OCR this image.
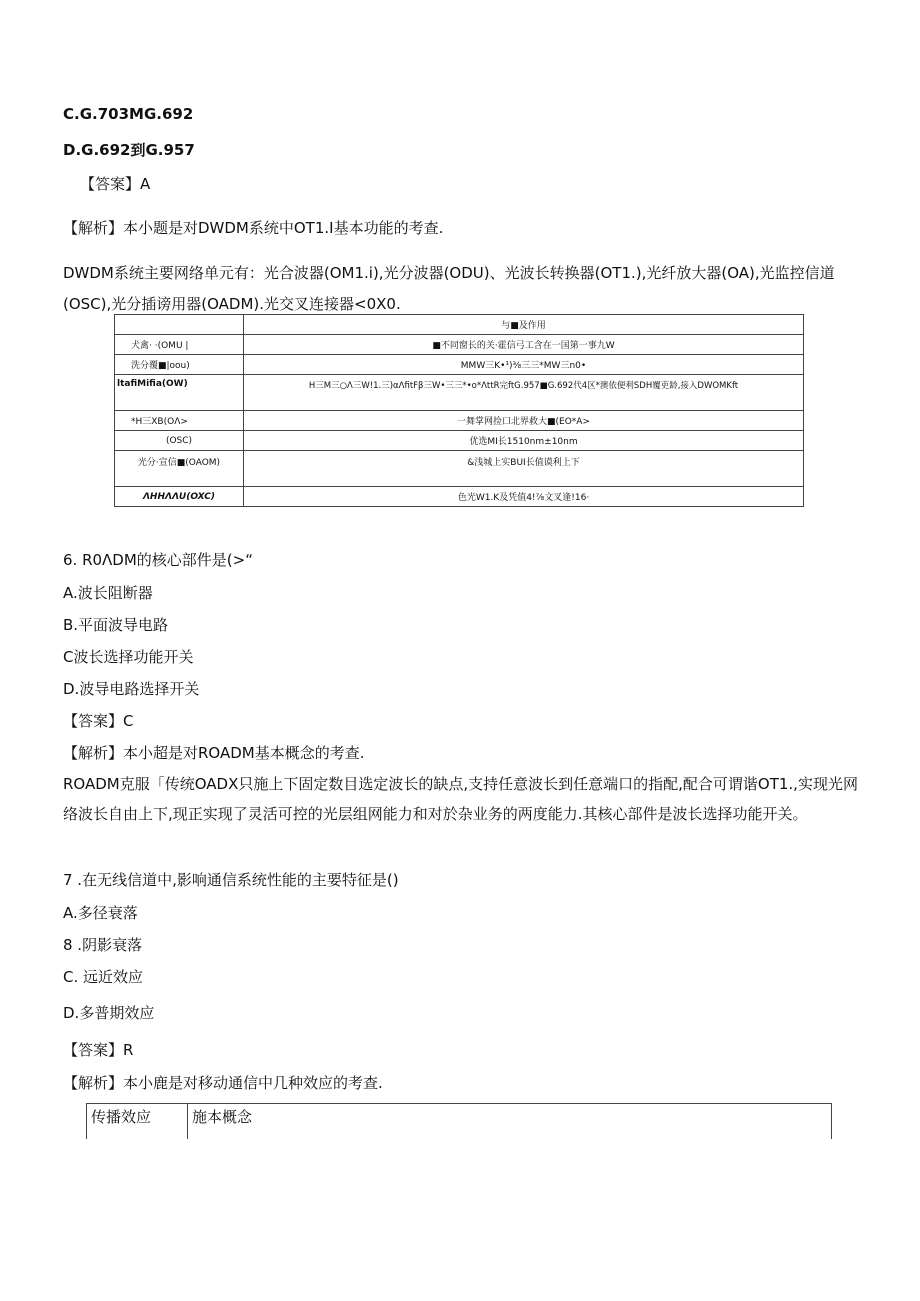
C.G.703MG.692

D.G.692到G.957

【答案】A

【解析】本小题是对DWDM系统中OT1.I基本功能的考查.

DWDM系统主要网络单元有：光合波器(OM1.i),光分波器(ODU)、光波长转换器(OT1.),光纤放大器(OA),光监控信道

(OSC),光分插谤用器(OADM).光交叉连接器<0X0.

	与■及作用
犬禽· ·(OMU |	■不同窗长的关·霍信弓工含在一国第一事九W
洗分覆■|oou)	MMW三K•¹)⅜三三*MW三n0•
ltafiMifia(OW)	H三M三○Λ三W!1.三)αΛfitFβ三W•三三*•o*ΛttR完ftG.957■G.692代4区*澳依便利SDH覆吏龄,接入DWOMKft
*H三XB(OΛ>	一舞掌网捡口北界救大■(EO*A>
(OSC)	优选MI长1510nm±10nm
光分·宣信■(OAOM)	&浅城上实BUI长值谟利上下
ΛHHΛΛU(OXC)	色光W1.K及凭值4!⅞文叉逢!16·

6. R0ΛDM的核心部件是(>“

A.波长阻断器

B.平面波导电路

C波长选择功能开关

D.波导电路选择开关

【答案】C

【解析】本小超是对ROADM基本概念的考查.

ROADM克服「传统OADX只施上下固定数目选定波长的缺点,支持任意波长到任意端口的指配,配合可谓谐OT1.,实现光网络波长自由上下,现正实现了灵活可控的光层组网能力和对於杂业务的两度能力.其核心部件是波长选择功能开关。

7 .在无线信道中,影响通信系统性能的主要特征是()

A.多径衰落

8 .阴影衰落

C. 远近效应

D.多普期效应

【答案】R

【解析】本小鹿是对移动通信中几种效应的考查.

传播效应	施本概念
